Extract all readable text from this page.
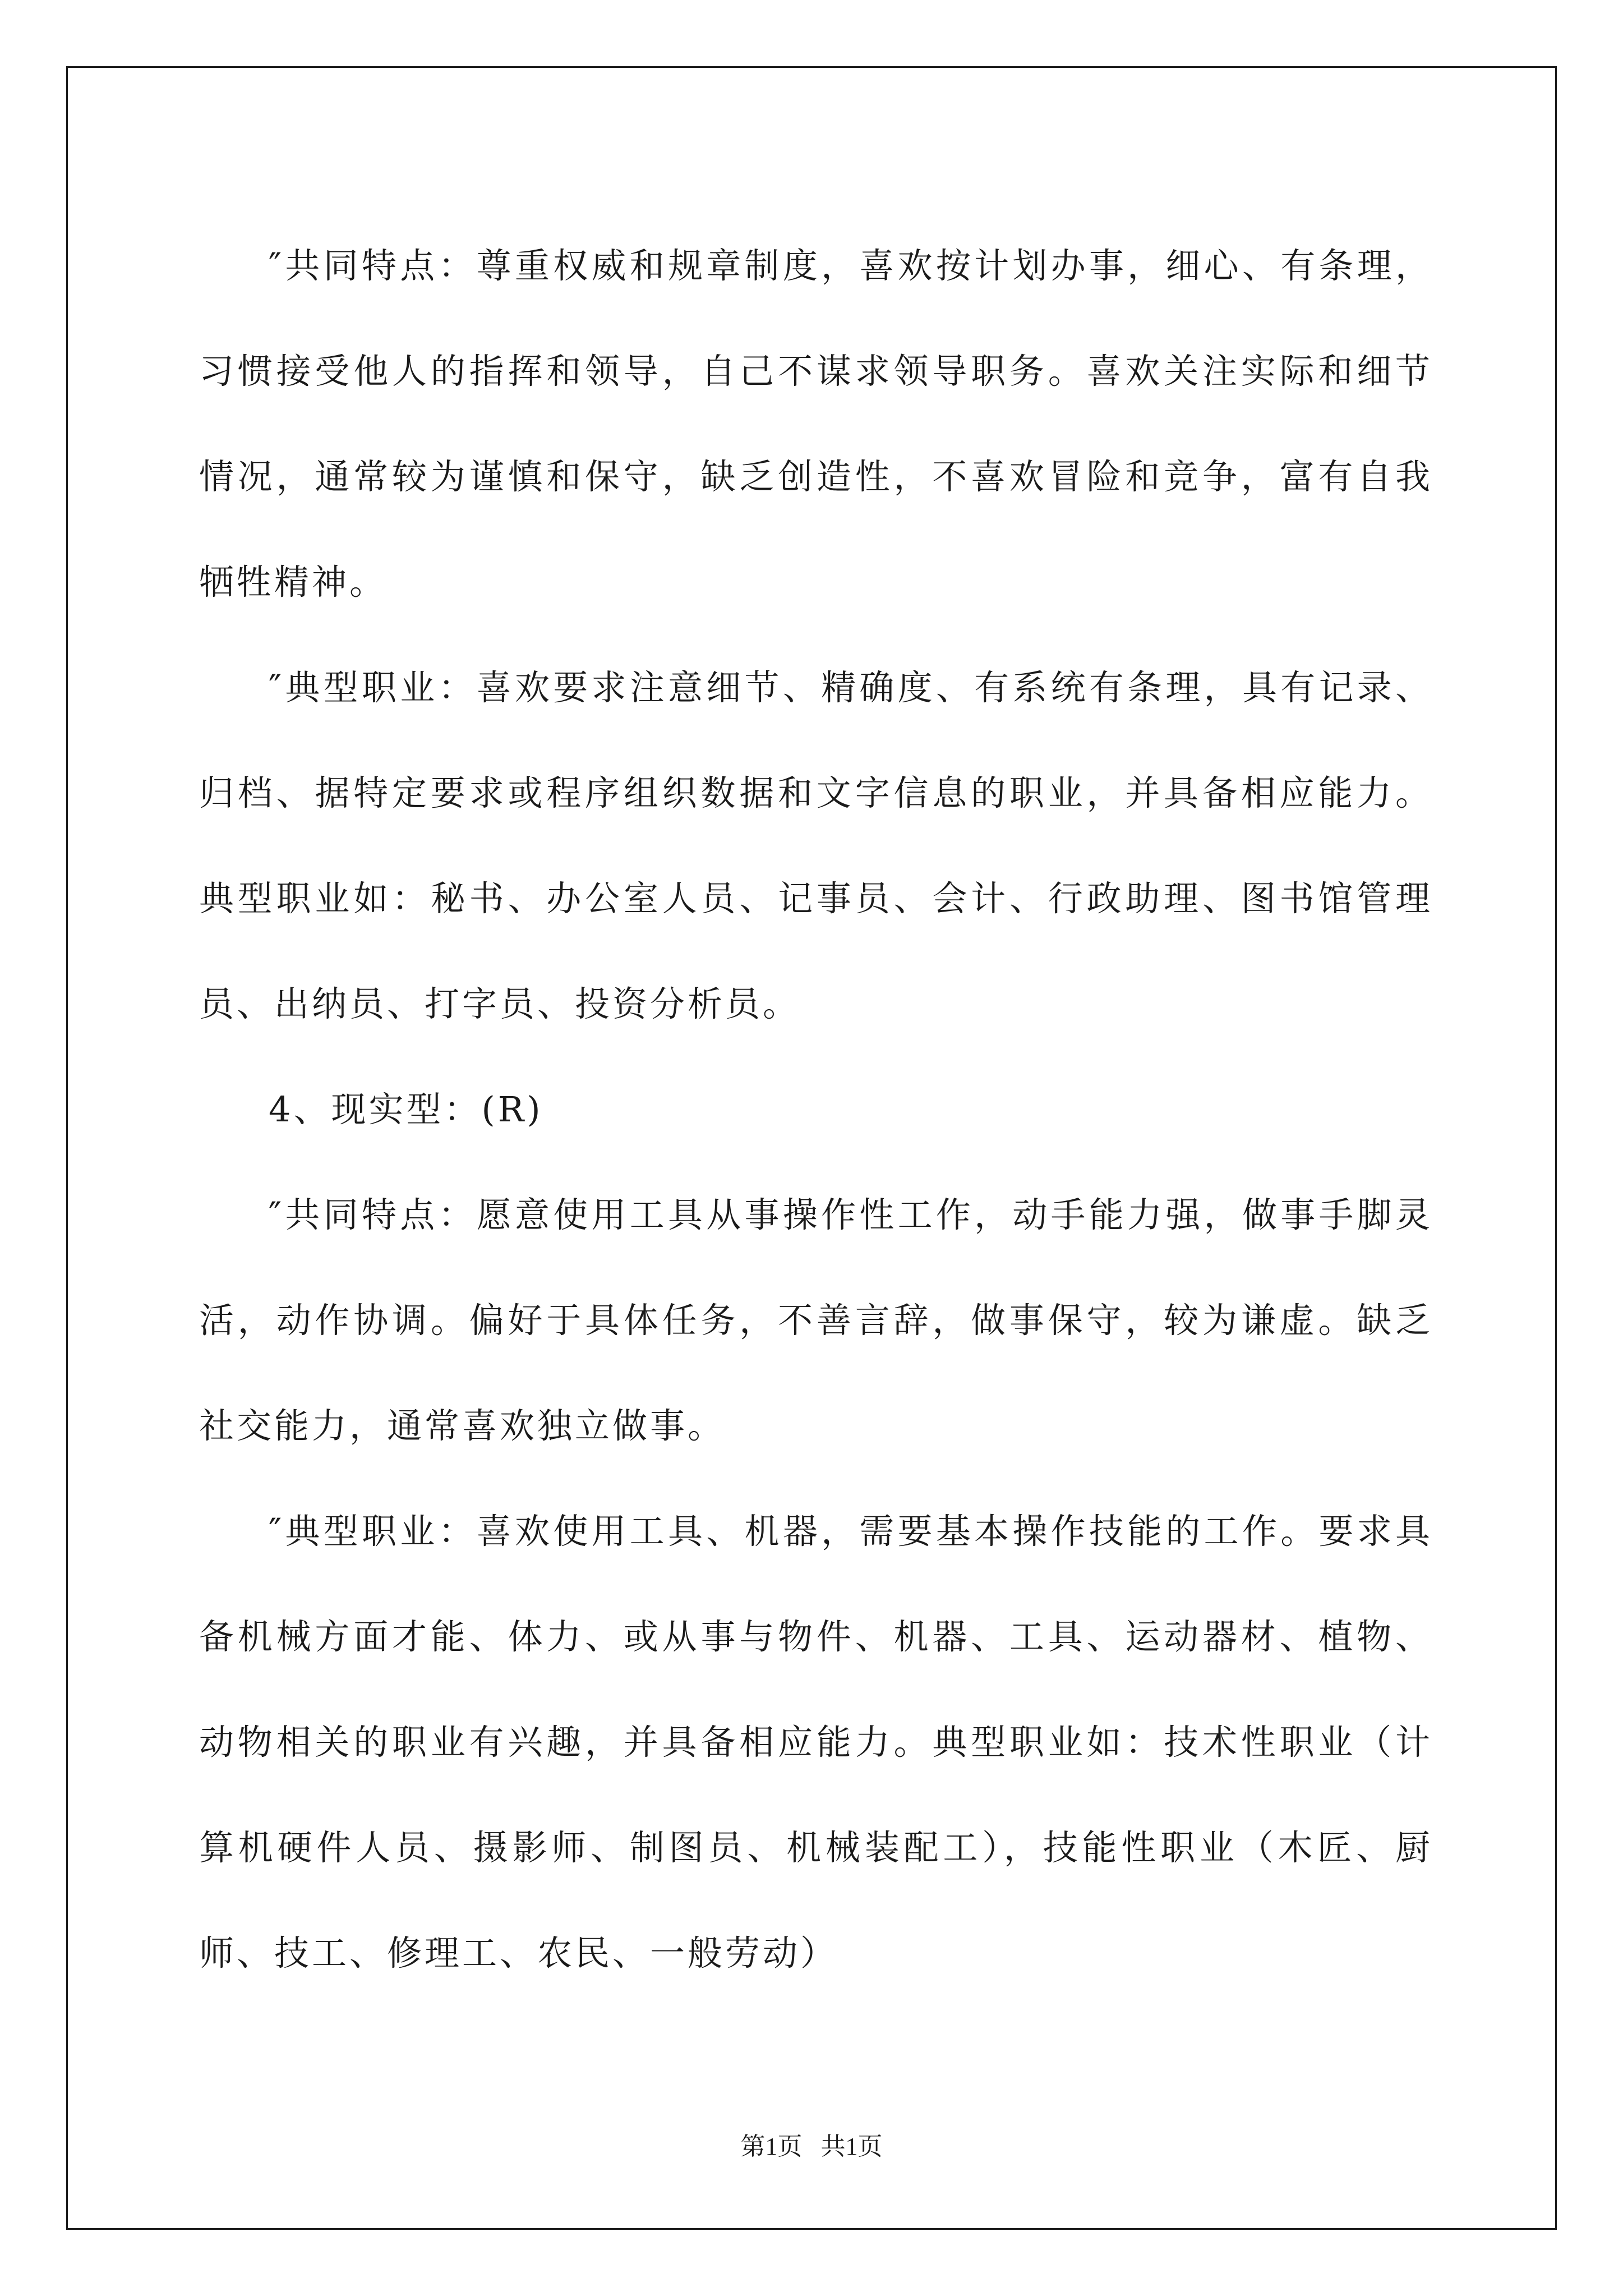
″共同特点：尊重权威和规章制度，喜欢按计划办事，细心、有条理，习惯接受他人的指挥和领导，自己不谋求领导职务。喜欢关注实际和细节情况，通常较为谨慎和保守，缺乏创造性，不喜欢冒险和竞争，富有自我牺牲精神。

″典型职业：喜欢要求注意细节、精确度、有系统有条理，具有记录、归档、据特定要求或程序组织数据和文字信息的职业，并具备相应能力。典型职业如：秘书、办公室人员、记事员、会计、行政助理、图书馆管理员、出纳员、打字员、投资分析员。

4、现实型：(R)

″共同特点：愿意使用工具从事操作性工作，动手能力强，做事手脚灵活，动作协调。偏好于具体任务，不善言辞，做事保守，较为谦虚。缺乏社交能力，通常喜欢独立做事。

″典型职业：喜欢使用工具、机器，需要基本操作技能的工作。要求具备机械方面才能、体力、或从事与物件、机器、工具、运动器材、植物、动物相关的职业有兴趣，并具备相应能力。典型职业如：技术性职业（计算机硬件人员、摄影师、制图员、机械装配工），技能性职业（木匠、厨师、技工、修理工、农民、一般劳动）

第1页 共1页
